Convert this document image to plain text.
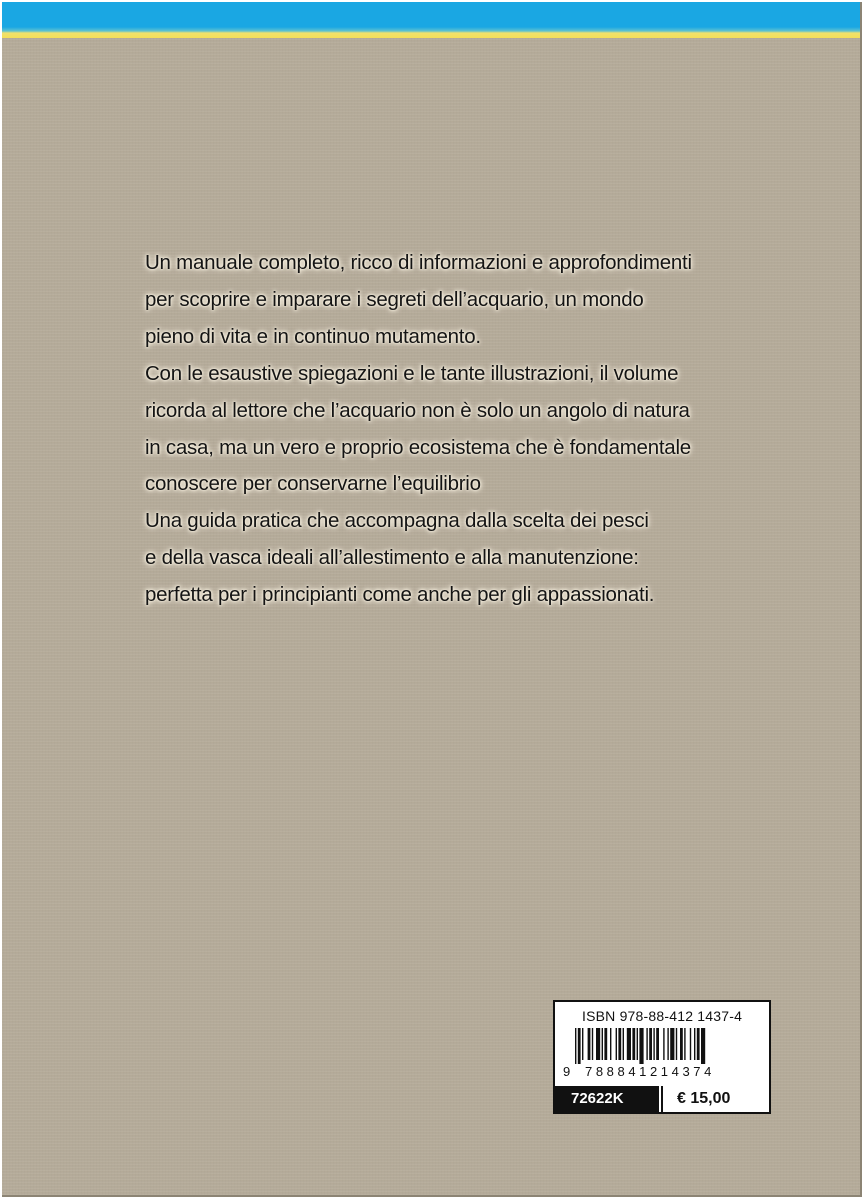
Un manuale completo, ricco di informazioni e approfondimenti
per scoprire e imparare i segreti dell’acquario, un mondo
pieno di vita e in continuo mutamento.
Con le esaustive spiegazioni e le tante illustrazioni, il volume
ricorda al lettore che l’acquario non è solo un angolo di natura
in casa, ma un vero e proprio ecosistema che è fondamentale
conoscere per conservarne l’equilibrio
Una guida pratica che accompagna dalla scelta dei pesci
e della vasca ideali all’allestimento e alla manutenzione:
perfetta per i principianti come anche per gli appassionati.
ISBN 978-88-412 1437-4
9 788841214374
72622K	€ 15,00
